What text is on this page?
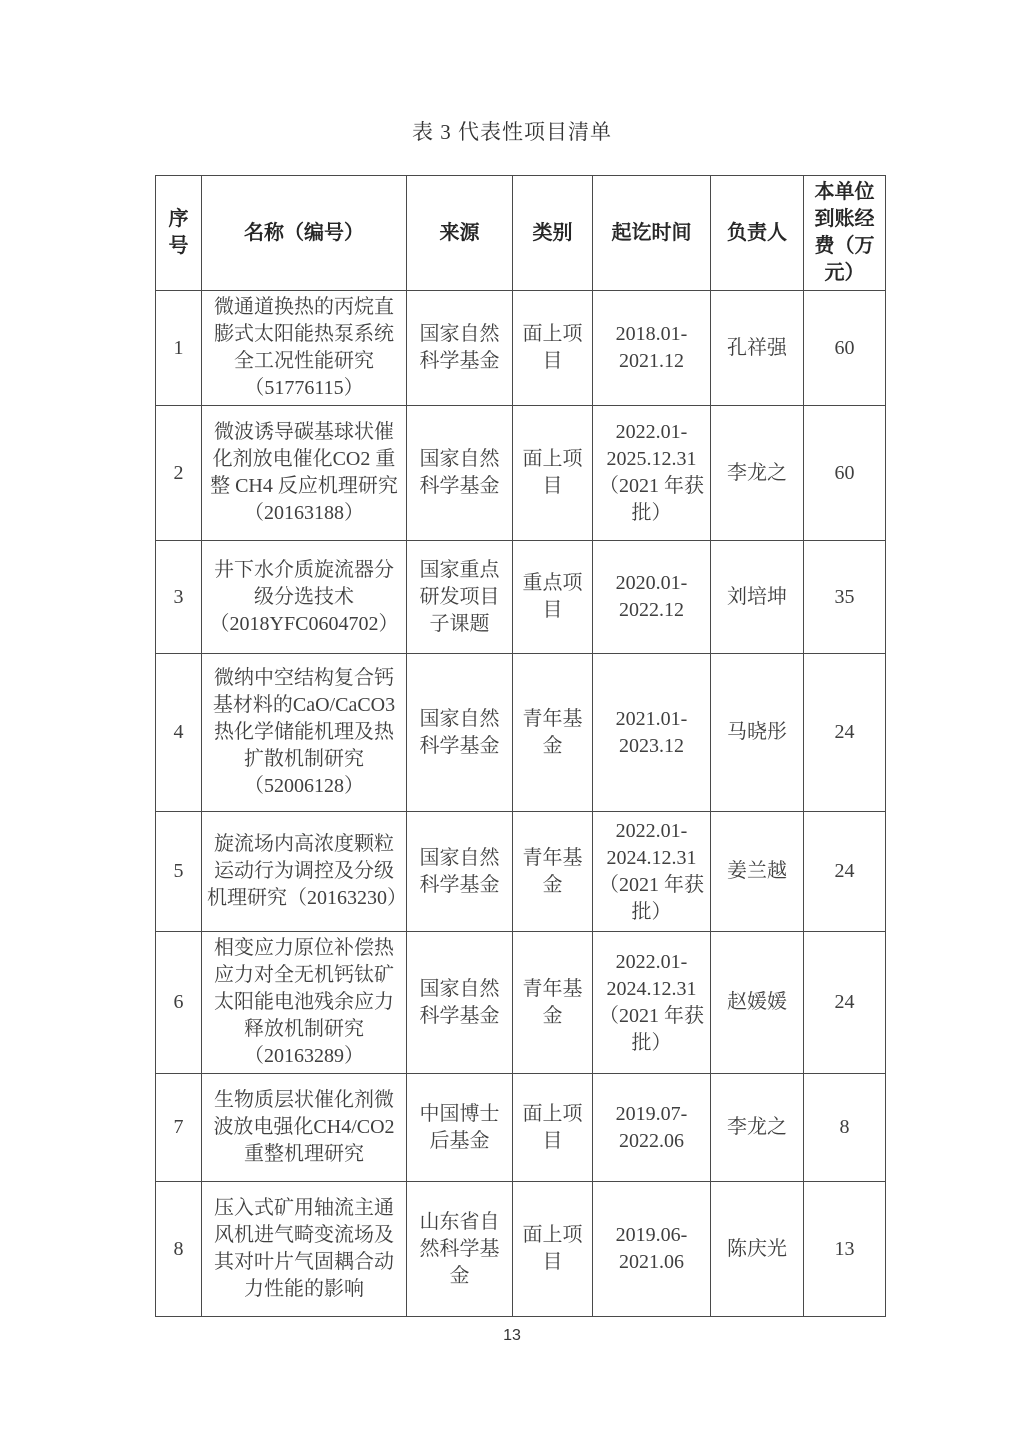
表 3 代表性项目清单
序号	名称（编号）	来源	类别	起讫时间	负责人	本单位到账经费（万元）
1	微通道换热的丙烷直膨式太阳能热泵系统全工况性能研究（51776115）	国家自然科学基金	面上项目	2018.01-2021.12	孔祥强	60
2	微波诱导碳基球状催化剂放电催化CO2 重整 CH4 反应机理研究（20163188）	国家自然科学基金	面上项目	2022.01-2025.12.31（2021 年获批）	李龙之	60
3	井下水介质旋流器分级分选技术（2018YFC0604702）	国家重点研发项目子课题	重点项目	2020.01-2022.12	刘培坤	35
4	微纳中空结构复合钙基材料的CaO/CaCO3 热化学储能机理及热扩散机制研究（52006128）	国家自然科学基金	青年基金	2021.01-2023.12	马晓彤	24
5	旋流场内高浓度颗粒运动行为调控及分级机理研究（20163230）	国家自然科学基金	青年基金	2022.01-2024.12.31（2021 年获批）	姜兰越	24
6	相变应力原位补偿热应力对全无机钙钛矿太阳能电池残余应力释放机制研究（20163289）	国家自然科学基金	青年基金	2022.01-2024.12.31（2021 年获批）	赵媛媛	24
7	生物质层状催化剂微波放电强化CH4/CO2 重整机理研究	中国博士后基金	面上项目	2019.07-2022.06	李龙之	8
8	压入式矿用轴流主通风机进气畸变流场及其对叶片气固耦合动力性能的影响	山东省自然科学基金	面上项目	2019.06-2021.06	陈庆光	13
13
